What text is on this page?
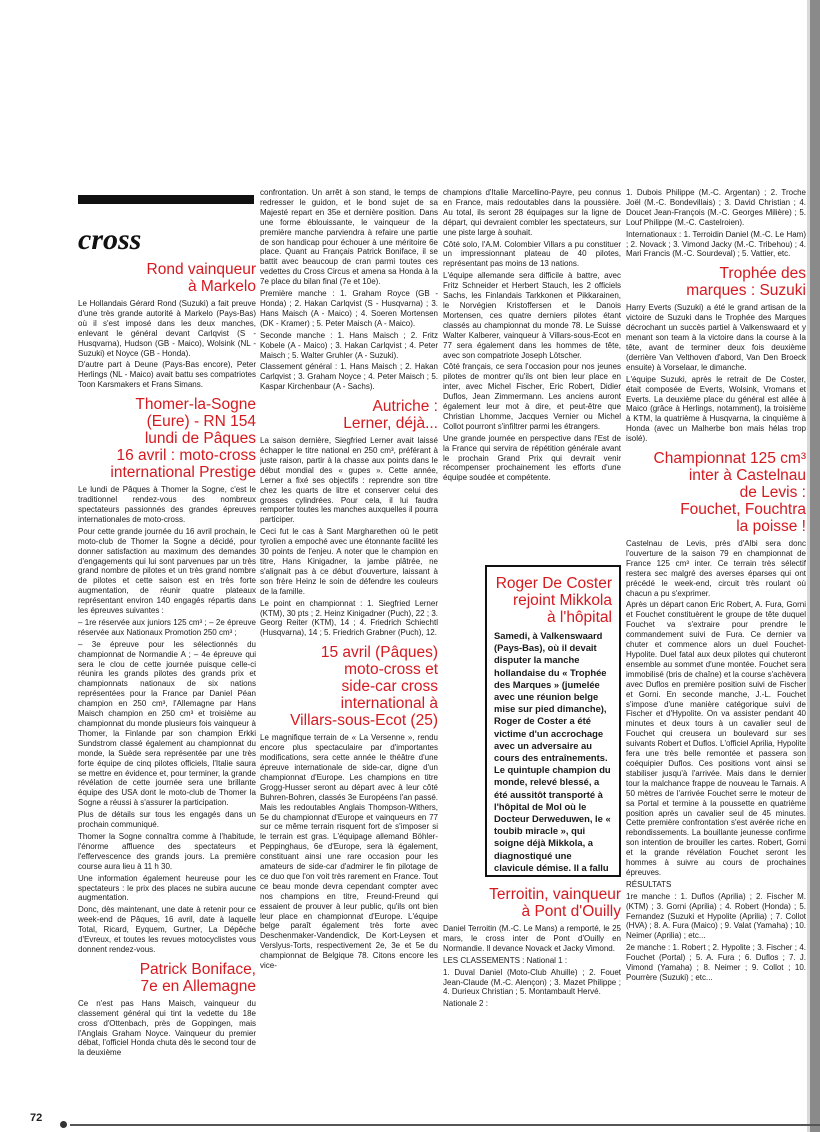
cross
Rond vainqueur
à Markelo

Le Hollandais Gérard Rond (Suzuki) a fait preuve d'une très grande autorité à Markelo (Pays-Bas) où il s'est imposé dans les deux manches, enlevant le général devant Carlqvist (S - Husqvarna), Hudson (GB - Maico), Wolsink (NL - Suzuki) et Noyce (GB - Honda).

D'autre part à Deune (Pays-Bas encore), Peter Herlings (NL - Maico) avait battu ses compatriotes Toon Karsmakers et Frans Simans.

Thomer-la-Sogne
(Eure) - RN 154
lundi de Pâques
16 avril : moto-cross
international Prestige

Le lundi de Pâques à Thomer la Sogne, c'est le traditionnel rendez-vous des nombreux spectateurs passionnés des grandes épreuves internationales de moto-cross.

Pour cette grande journée du 16 avril prochain, le moto-club de Thomer la Sogne a décidé, pour donner satisfaction au maximum des demandes d'engagements qui lui sont parvenues par un très grand nombre de pilotes et un très grand nombre de pilotes et cette saison est en très forte augmentation, de réunir quatre plateaux représentant environ 140 engagés répartis dans les épreuves suivantes :

– 1re réservée aux juniors 125 cm³ ; – 2e épreuve réservée aux Nationaux Promotion 250 cm³ ;

– 3e épreuve pour les sélectionnés du championnat de Normandie A ; – 4e épreuve qui sera le clou de cette journée puisque celle-ci réunira les grands pilotes des grands prix et championnats nationaux de six nations représentées pour la France par Daniel Péan champion en 250 cm³, l'Allemagne par Hans Maisch champion en 250 cm³ et troisième au championnat du monde plusieurs fois vainqueur à Thomer, la Finlande par son champion Erkki Sundstrom classé également au championnat du monde, la Suède sera représentée par une très forte équipe de cinq pilotes officiels, l'Italie saura se mettre en évidence et, pour terminer, la grande révélation de cette journée sera une brillante équipe des USA dont le moto-club de Thomer la Sogne a réussi à s'assurer la participation.

Plus de détails sur tous les engagés dans un prochain communiqué.

Thomer la Sogne connaîtra comme à l'habitude, l'énorme affluence des spectateurs et l'effervescence des grands jours. La première course aura lieu à 11 h 30.

Une information également heureuse pour les spectateurs : le prix des places ne subira aucune augmentation.

Donc, dès maintenant, une date à retenir pour ce week-end de Pâques, 16 avril, date à laquelle Total, Ricard, Eyquem, Gurtner, La Dépêche d'Evreux, et toutes les revues motocyclistes vous donnent rendez-vous.

Patrick Boniface,
7e en Allemagne

Ce n'est pas Hans Maisch, vainqueur du classement général qui tint la vedette du 18e cross d'Ottenbach, près de Goppingen, mais l'Anglais Graham Noyce. Vainqueur du premier débat, l'officiel Honda chuta dès le second tour de la deuxième

confrontation. Un arrêt à son stand, le temps de redresser le guidon, et le bond sujet de sa Majesté repart en 35e et dernière position. Dans une forme éblouissante, le vainqueur de la première manche parviendra à refaire une partie de son handicap pour échouer à une méritoire 6e place. Quant au Français Patrick Boniface, il se battit avec beaucoup de cran parmi toutes ces vedettes du Cross Circus et amena sa Honda à la 7e place du bilan final (7e et 10e).

Première manche : 1. Graham Royce (GB - Honda) ; 2. Hakan Carlqvist (S - Husqvarna) ; 3. Hans Maisch (A - Maico) ; 4. Soeren Mortensen (DK - Kramer) ; 5. Peter Maisch (A - Maico).

Seconde manche : 1. Hans Maisch ; 2. Fritz Kobele (A - Maico) ; 3. Hakan Carlqvist ; 4. Peter Maisch ; 5. Walter Gruhler (A - Suzuki).

Classement général : 1. Hans Maisch ; 2. Hakan Carlqvist ; 3. Graham Noyce ; 4. Peter Maisch ; 5. Kaspar Kirchenbaur (A - Sachs).

Autriche :
Lerner, déjà...

La saison dernière, Siegfried Lerner avait laissé échapper le titre national en 250 cm³, préférant à juste raison, partir à la chasse aux points dans le début mondial des « gupes ». Cette année, Lerner a fixé ses objectifs : reprendre son titre chez les quarts de litre et conserver celui des grosses cylindrées. Pour cela, il lui faudra remporter toutes les manches auxquelles il pourra participer.

Ceci fut le cas à Sant Margharethen où le petit tyrolien a empoché avec une étonnante facilité les 30 points de l'enjeu. A noter que le champion en titre, Hans Kinigadner, la jambe plâtrée, ne s'alignait pas à ce début d'ouverture, laissant à son frère Heinz le soin de défendre les couleurs de la famille.

Le point en championnat : 1. Siegfried Lerner (KTM), 30 pts ; 2. Heinz Kinigadner (Puch), 22 ; 3. Georg Reiter (KTM), 14 ; 4. Friedrich Schiechtl (Husqvarna), 14 ; 5. Friedrich Grabner (Puch), 12.

15 avril (Pâques)
moto-cross et
side-car cross
international à
Villars-sous-Ecot (25)

Le magnifique terrain de « La Versenne », rendu encore plus spectaculaire par d'importantes modifications, sera cette année le théâtre d'une épreuve internationale de side-car, digne d'un championnat d'Europe. Les champions en titre Grogg-Husser seront au départ avec à leur côté Buhren-Bohren, classés 3e Européens l'an passé. Mais les redoutables Anglais Thompson-Withers, 5e du championnat d'Europe et vainqueurs en 77 sur ce même terrain risquent fort de s'imposer si le terrain est gras. L'équipage allemand Böhler-Peppinghaus, 6e d'Europe, sera là également, constituant ainsi une rare occasion pour les amateurs de side-car d'admirer le fin pilotage de ce duo que l'on voit très rarement en France. Tout ce beau monde devra cependant compter avec nos champions en titre, Freund-Freund qui essaient de prouver à leur public, qu'ils ont bien leur place en championnat d'Europe. L'équipe belge paraît également très forte avec Deschenmaker-Vandendick, De Kort-Leysen et Verslyus-Torts, respectivement 2e, 3e et 5e du championnat de Belgique 78. Citons encore les vice-

champions d'Italie Marcellino-Payre, peu connus en France, mais redoutables dans la poussière. Au total, ils seront 28 équipages sur la ligne de départ, qui devraient combler les spectateurs, sur une piste large à souhait.

Côté solo, l'A.M. Colombier Villars a pu constituer un impressionnant plateau de 40 pilotes, représentant pas moins de 13 nations.

L'équipe allemande sera difficile à battre, avec Fritz Schneider et Herbert Stauch, les 2 officiels Sachs, les Finlandais Tarkkonen et Pikkarainen, le Norvégien Kristoffersen et le Danois Mortensen, ces quatre derniers pilotes étant classés au championnat du monde 78. Le Suisse Walter Kalberer, vainqueur à Villars-sous-Ecot en 77 sera également dans les hommes de tête, avec son compatriote Joseph Lötscher.

Côté français, ce sera l'occasion pour nos jeunes pilotes de montrer qu'ils ont bien leur place en inter, avec Michel Fischer, Eric Robert, Didier Duflos, Jean Zimmermann. Les anciens auront également leur mot à dire, et peut-être que Christian Lhomme, Jacques Vernier ou Michel Collot pourront s'infiltrer parmi les étrangers.

Une grande journée en perspective dans l'Est de la France qui servira de répétition générale avant le prochain Grand Prix qui devrait venir récompenser prochainement les efforts d'une équipe soudée et compétente.

Terroitin, vainqueur
à Pont d'Ouilly

Daniel Terroitin (M.-C. Le Mans) a remporté, le 25 mars, le cross inter de Pont d'Ouilly en Normandie. Il devance Novack et Jacky Vimond.

LES CLASSEMENTS : National 1 :

1. Duval Daniel (Moto-Club Ahuille) ; 2. Fouet Jean-Claude (M.-C. Alençon) ; 3. Mazet Philippe ; 4. Durieux Christian ; 5. Montambault Hervé.

Nationale 2 :

Roger De Coster
rejoint Mikkola
à l'hôpital

Samedi, à Valkenswaard (Pays-Bas), où il devait disputer la manche hollandaise du « Trophée des Marques » (jumelée avec une réunion belge mise sur pied dimanche), Roger de Coster a été victime d'un accrochage avec un adversaire au cours des entraînements. Le quintuple champion du monde, relevé blessé, a été aussitôt transporté à l'hôpital de Mol où le Docteur Derweduwen, le « toubib miracle », qui soigne déjà Mikkola, a diagnostiqué une clavicule démise. Il a fallu

1. Dubois Philippe (M.-C. Argentan) ; 2. Troche Joël (M.-C. Bondevillais) ; 3. David Christian ; 4. Doucet Jean-François (M.-C. Georges Milière) ; 5. Louf Philippe (M.-C. Castelroien).

Internationaux : 1. Terroidin Daniel (M.-C. Le Ham) ; 2. Novack ; 3. Vimond Jacky (M.-C. Tribehou) ; 4. Mari Francis (M.-C. Sourdeval) ; 5. Vattier, etc.

Trophée des
marques : Suzuki

Harry Everts (Suzuki) a été le grand artisan de la victoire de Suzuki dans le Trophée des Marques décrochant un succès partiel à Valkenswaard et y menant son team à la victoire dans la course à la tête, avant de terminer deux fois deuxième (derrière Van Velthoven d'abord, Van Den Broeck ensuite) à Vorselaar, le dimanche.

L'équipe Suzuki, après le retrait de De Coster, était composée de Everts, Wolsink, Vromans et Everts. La deuxième place du général est allée à Maico (grâce à Herlings, notamment), la troisième à KTM, la quatrième à Husqvarna, la cinquième à Honda (avec un Malherbe bon mais hélas trop isolé).

Championnat 125 cm³
inter à Castelnau
de Levis :
Fouchet, Fouchtra
la poisse !

Castelnau de Levis, près d'Albi sera donc l'ouverture de la saison 79 en championnat de France 125 cm³ inter. Ce terrain très sélectif restera sec malgré des averses éparses qui ont précédé le week-end, circuit très roulant où chacun a pu s'exprimer.

Après un départ canon Eric Robert, A. Fura, Gorni et Fouchet constituèrent le groupe de tête duquel Fouchet va s'extraire pour prendre le commandement suivi de Fura. Ce dernier va chuter et commence alors un duel Fouchet-Hypolite. Duel fatal aux deux pilotes qui chuteront ensemble au sommet d'une montée. Fouchet sera immobilisé (bris de chaîne) et la course s'achèvera avec Duflos en première position suivi de Fischer et Gorni. En seconde manche, J.-L. Fouchet s'impose d'une manière catégorique suivi de Fischer et d'Hypolite. On va assister pendant 40 minutes et deux tours à un cavalier seul de Fouchet qui creusera un boulevard sur ses suivants Robert et Duflos. L'officiel Aprilia, Hypolite fera une très belle remontée et passera son coéquipier Duflos. Ces positions vont ainsi se stabiliser jusqu'à l'arrivée. Mais dans le dernier tour la malchance frappe de nouveau le Tarnais. A 50 mètres de l'arrivée Fouchet serre le moteur de sa Portal et termine à la poussette en quatrième position après un cavalier seul de 45 minutes. Cette première confrontation s'est avérée riche en rebondissements. La bouillante jeunesse confirme son intention de brouiller les cartes. Robert, Gorni et la grande révélation Fouchet seront les hommes à suivre au cours de prochaines épreuves.

RÉSULTATS

1re manche : 1. Duflos (Aprilia) ; 2. Fischer M. (KTM) ; 3. Gorni (Aprilia) ; 4. Robert (Honda) ; 5. Fernandez (Suzuki et Hypolite (Aprilia) ; 7. Collot (HVA) ; 8. A. Fura (Maico) ; 9. Valat (Yamaha) ; 10. Neimer (Aprilia) ; etc...

2e manche : 1. Robert ; 2. Hypolite ; 3. Fischer ; 4. Fouchet (Portal) ; 5. A. Fura ; 6. Duflos ; 7. J. Vimond (Yamaha) ; 8. Neimer ; 9. Collot ; 10. Pourrère (Suzuki) ; etc...

72
